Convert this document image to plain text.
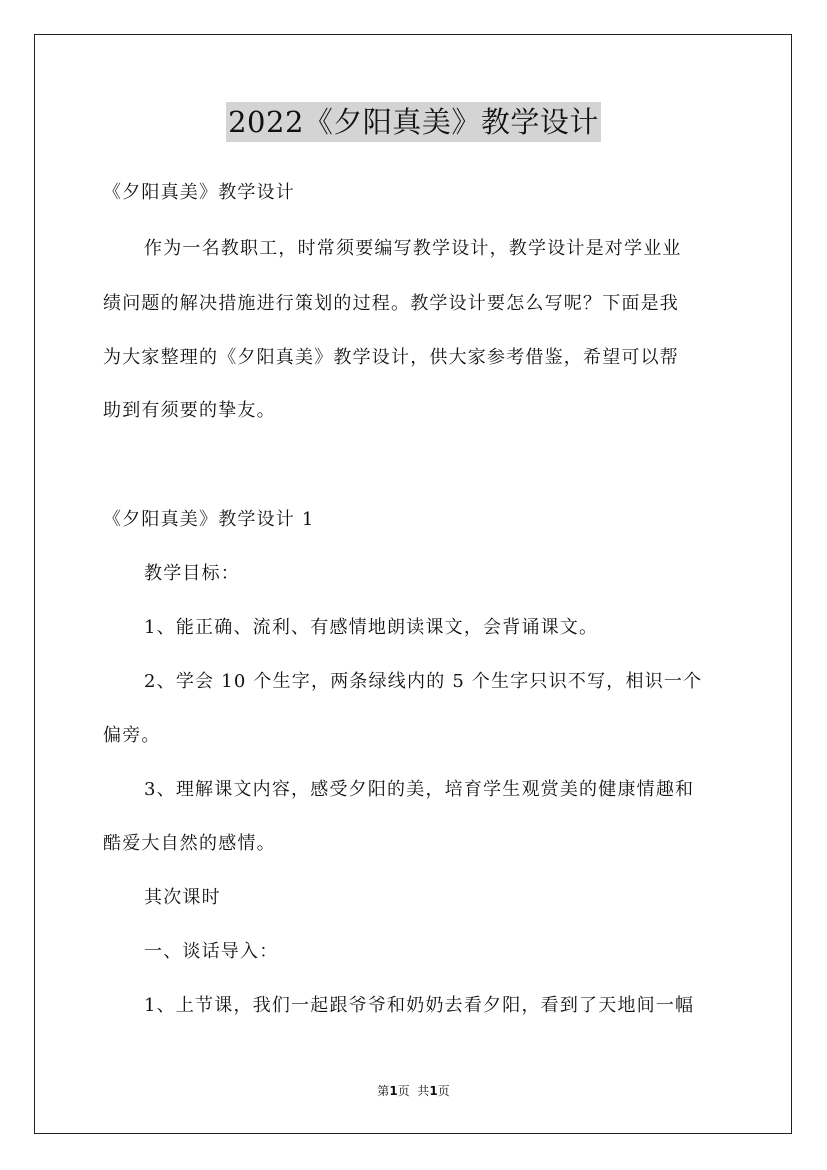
2022《夕阳真美》教学设计
《夕阳真美》教学设计
作为一名教职工，时常须要编写教学设计，教学设计是对学业业
绩问题的解决措施进行策划的过程。教学设计要怎么写呢？下面是我
为大家整理的《夕阳真美》教学设计，供大家参考借鉴，希望可以帮
助到有须要的挚友。
《夕阳真美》教学设计 1
教学目标：
1、能正确、流利、有感情地朗读课文，会背诵课文。
2、学会 10 个生字，两条绿线内的 5 个生字只识不写，相识一个
偏旁。
3、理解课文内容，感受夕阳的美，培育学生观赏美的健康情趣和
酷爱大自然的感情。
其次课时
一、谈话导入：
1、上节课，我们一起跟爷爷和奶奶去看夕阳，看到了天地间一幅
第1页  共1页
